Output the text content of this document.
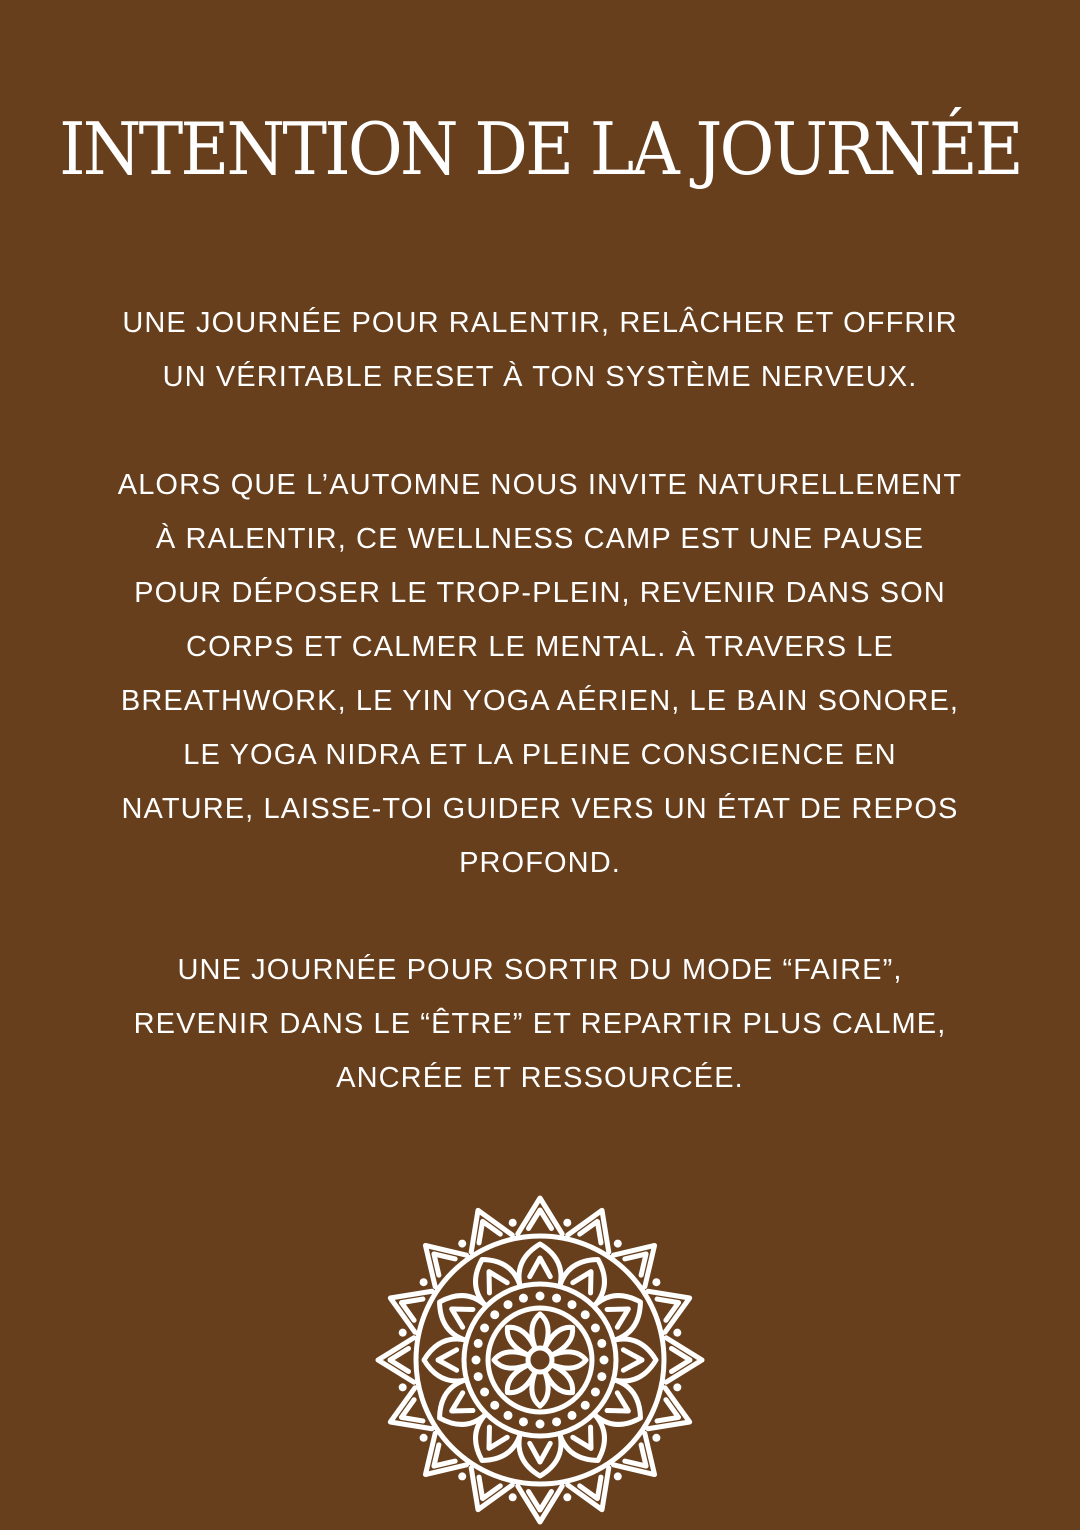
INTENTION DE LA JOURNÉE
UNE JOURNÉE POUR RALENTIR, RELÂCHER ET OFFRIR
UN VÉRITABLE RESET À TON SYSTÈME NERVEUX.
ALORS QUE L’AUTOMNE NOUS INVITE NATURELLEMENT
À RALENTIR, CE WELLNESS CAMP EST UNE PAUSE
POUR DÉPOSER LE TROP-PLEIN, REVENIR DANS SON
CORPS ET CALMER LE MENTAL. À TRAVERS LE
BREATHWORK, LE YIN YOGA AÉRIEN, LE BAIN SONORE,
LE YOGA NIDRA ET LA PLEINE CONSCIENCE EN
NATURE, LAISSE-TOI GUIDER VERS UN ÉTAT DE REPOS
PROFOND.
UNE JOURNÉE POUR SORTIR DU MODE “FAIRE”,
REVENIR DANS LE “ÊTRE” ET REPARTIR PLUS CALME,
ANCRÉE ET RESSOURCÉE.
